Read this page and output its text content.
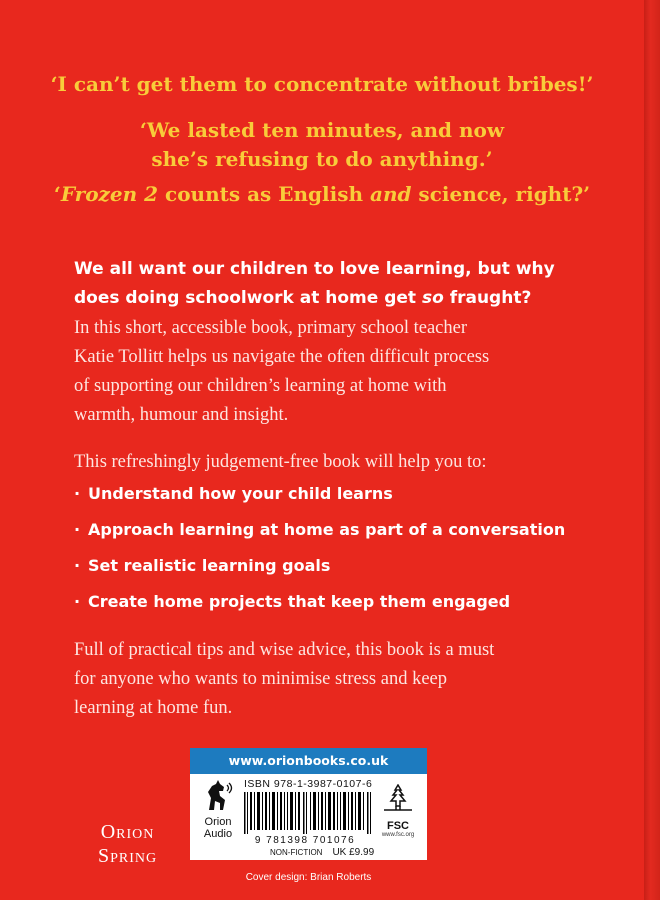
‘I can’t get them to concentrate without bribes!’
‘We lasted ten minutes, and now
she’s refusing to do anything.’
‘Frozen 2 counts as English and science, right?’
We all want our children to love learning, but why
does doing schoolwork at home get so fraught?
In this short, accessible book, primary school teacher
Katie Tollitt helps us navigate the often difficult process
of supporting our children’s learning at home with
warmth, humour and insight.
This refreshingly judgement-free book will help you to:
· Understand how your child learns
· Approach learning at home as part of a conversation
· Set realistic learning goals
· Create home projects that keep them engaged
Full of practical tips and wise advice, this book is a must
for anyone who wants to minimise stress and keep
learning at home fun.
Orion
Spring
www.orionbooks.co.uk
Orion
Audio
ISBN 978-1-3987-0107-6
9 781398 701076
NON-FICTION UK £9.99
FSC
www.fsc.org
Cover design: Brian Roberts
